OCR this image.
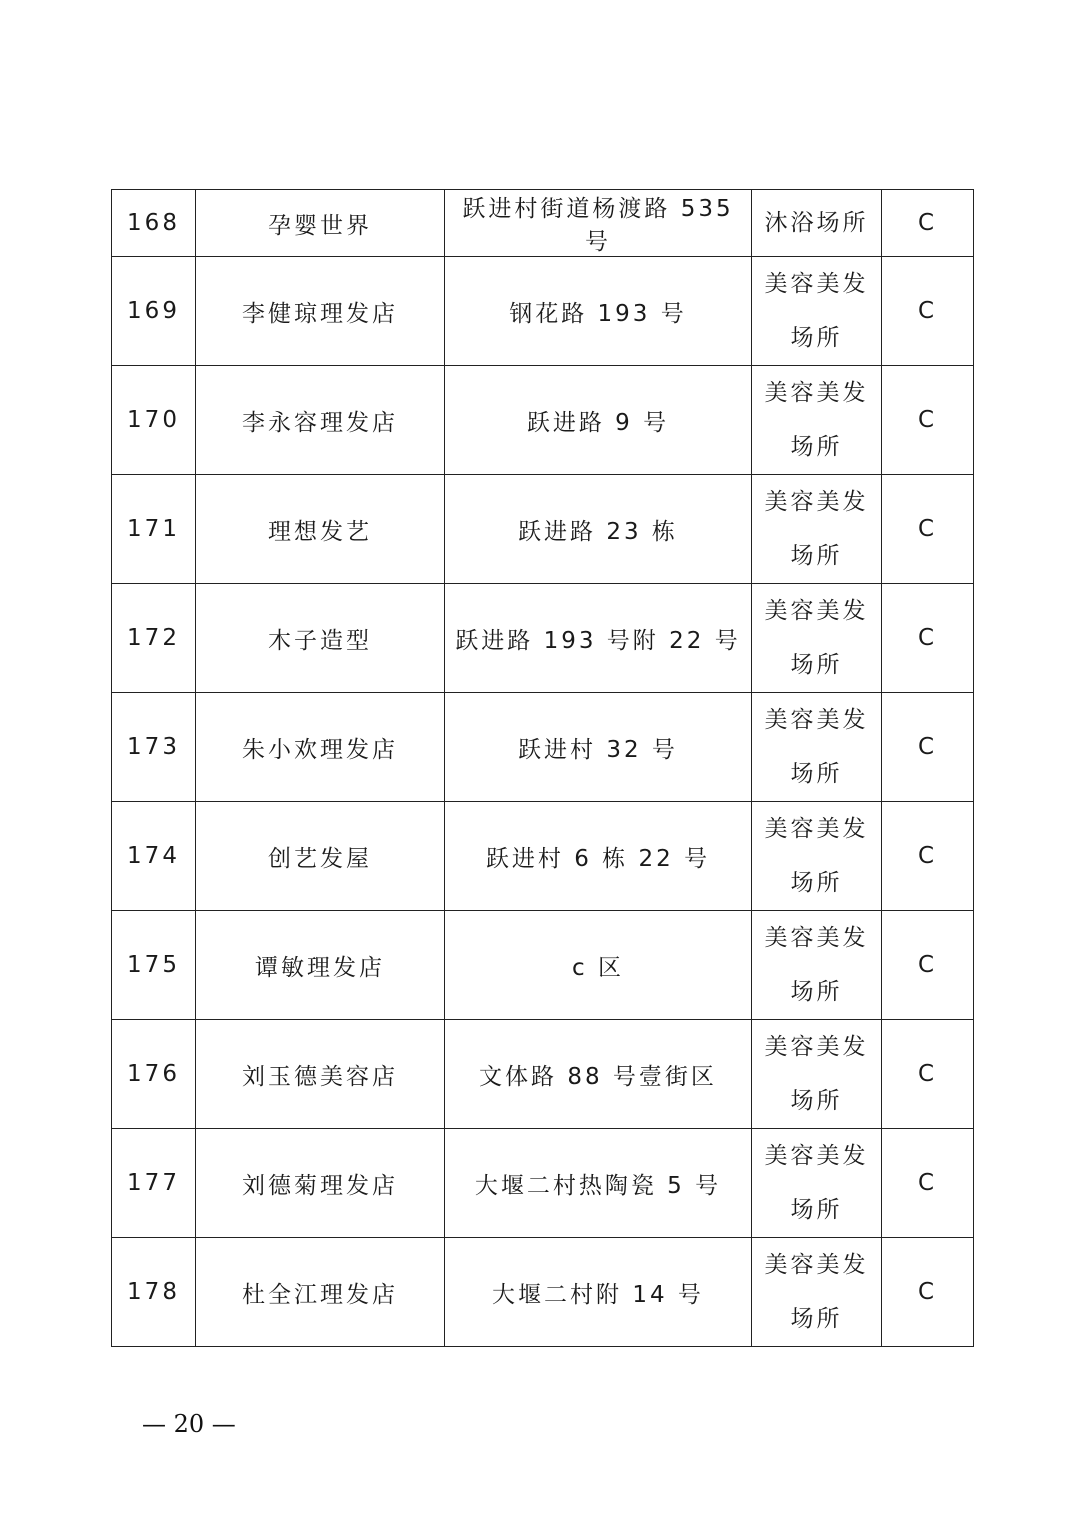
168	孕婴世界	跃进村街道杨渡路 535 号	沐浴场所	C
169	李健琼理发店	钢花路 193 号	美容美发场所	C
170	李永容理发店	跃进路 9 号	美容美发场所	C
171	理想发艺	跃进路 23 栋	美容美发场所	C
172	木子造型	跃进路 193 号附 22 号	美容美发场所	C
173	朱小欢理发店	跃进村 32 号	美容美发场所	C
174	创艺发屋	跃进村 6 栋 22 号	美容美发场所	C
175	谭敏理发店	c 区	美容美发场所	C
176	刘玉德美容店	文体路 88 号壹街区	美容美发场所	C
177	刘德菊理发店	大堰二村热陶瓷 5 号	美容美发场所	C
178	杜全江理发店	大堰二村附 14 号	美容美发场所	C
— 20 —
